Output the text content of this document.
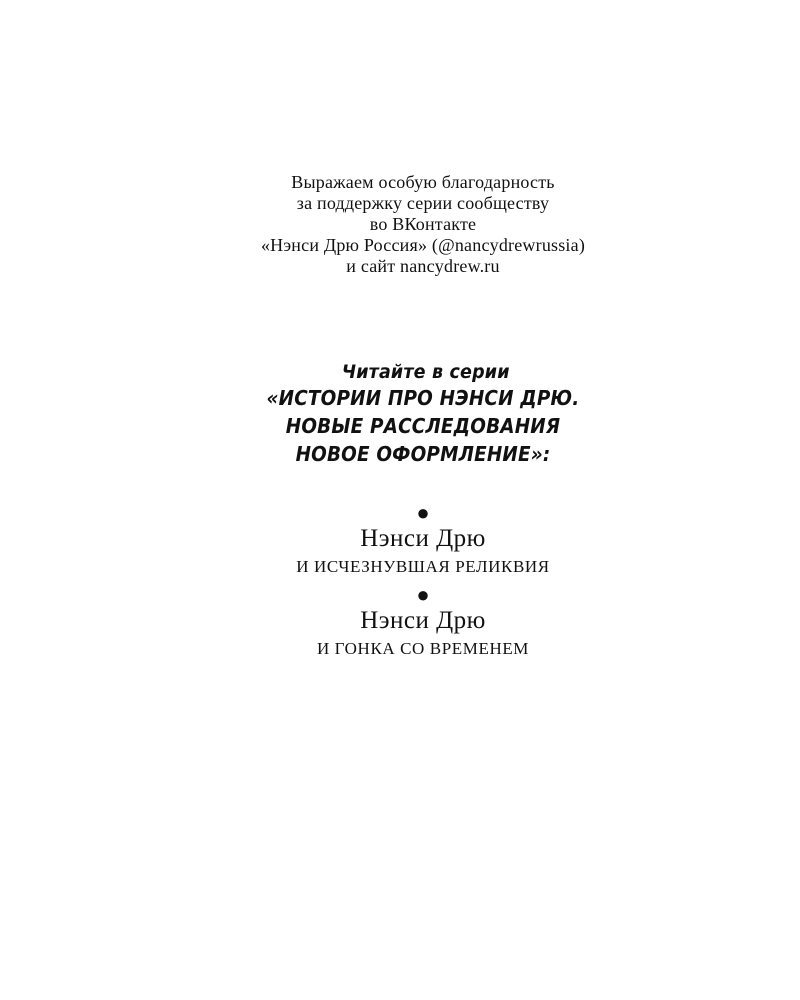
Выражаем особую благодарность
за поддержку серии сообществу
во ВКонтакте
«Нэнси Дрю Россия» (@nancydrewrussia)
и сайт nancydrew.ru
Читайте в серии
«ИСТОРИИ ПРО НЭНСИ ДРЮ.
НОВЫЕ РАССЛЕДОВАНИЯ
НОВОЕ ОФОРМЛЕНИЕ»:
●
Нэнси Дрю
И ИСЧЕЗНУВШАЯ РЕЛИКВИЯ
●
Нэнси Дрю
И ГОНКА СО ВРЕМЕНЕМ
